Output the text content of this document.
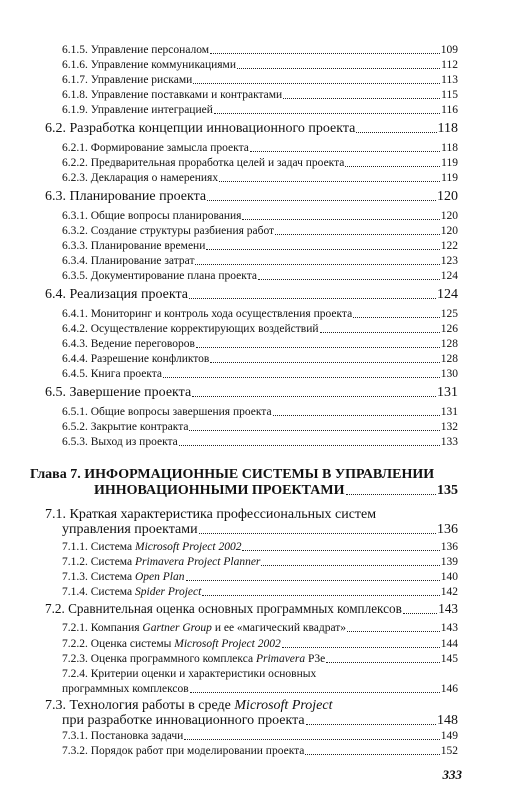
6.5.3. Выход из проекта	133
6.5.2. Закрытие контракта	132
6.5.1. Общие вопросы завершения проекта	131
6.5. Завершение проекта	131
6.4.5. Книга проекта	130
6.4.4. Разрешение конфликтов	128
6.4.3. Ведение переговоров	128
6.4.2. Осуществление корректирующих воздействий	126
6.4.1. Мониторинг и контроль хода осуществления проекта	125
6.4. Реализация проекта	124
6.3.5. Документирование плана проекта	124
6.3.4. Планирование затрат	123
6.3.3. Планирование времени	122
6.3.2. Создание структуры разбиения работ	120
6.3.1. Общие вопросы планирования	120
6.3. Планирование проекта	120
6.2.3. Декларация о намерениях	119
6.2.2. Предварительная проработка целей и задач проекта	119
6.2.1. Формирование замысла проекта	118
6.2. Разработка концепции инновационного проекта	118
6.1.9. Управление интеграцией	116
6.1.8. Управление поставками и контрактами	115
6.1.7. Управление рисками	113
6.1.6. Управление коммуникациями	112
6.1.5. Управление персоналом	109
Глава 7. ИНФОРМАЦИОННЫЕ СИСТЕМЫ В УПРАВЛЕНИИ
ИННОВАЦИОННЫМИ ПРОЕКТАМИ	135
7.1. Краткая характеристика профессиональных систем
управления проектами	136
7.1.1. Система Microsoft Project 2002	136
7.1.2. Система Primavera Project Planner	139
7.1.3. Система Open Plan	140
7.1.4. Система Spider Project	142
7.2. Сравнительная оценка основных программных комплексов	143
7.2.1. Компания Gartner Group и ее «магический квадрат»	143
7.2.2. Оценка системы Microsoft Project 2002	144
7.2.3. Оценка программного комплекса Primavera P3e	145
7.2.4. Критерии оценки и характеристики основных
программных комплексов	146
7.3. Технология работы в среде Microsoft Project
при разработке инновационного проекта	148
7.3.1. Постановка задачи	149
7.3.2. Порядок работ при моделировании проекта	152
333
